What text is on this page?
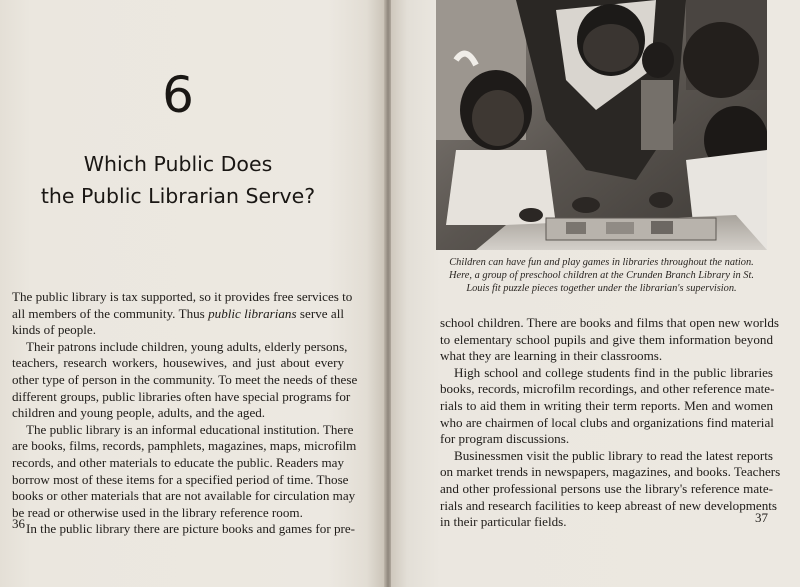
6
Which Public Does
the Public Librarian Serve?

The public library is tax supported, so it provides free services to
all members of the community. Thus public librarians serve all
kinds of people.

Their patrons include children, young adults, elderly persons,
teachers, research workers, housewives, and just about every
other type of person in the community. To meet the needs of these
different groups, public libraries often have special programs for
children and young people, adults, and the aged.

The public library is an informal educational institution. There
are books, films, records, pamphlets, magazines, maps, microfilm
records, and other materials to educate the public. Readers may
borrow most of these items for a specified period of time. Those
books or other materials that are not available for circulation may
be read or otherwise used in the library reference room.

In the public library there are picture books and games for pre-

36
Children can have fun and play games in libraries throughout the nation.
Here, a group of preschool children at the Crunden Branch Library in St.
Louis fit puzzle pieces together under the librarian's supervision.

school children. There are books and films that open new worlds
to elementary school pupils and give them information beyond
what they are learning in their classrooms.

High school and college students find in the public libraries
books, records, microfilm recordings, and other reference mate-
rials to aid them in writing their term reports. Men and women
who are chairmen of local clubs and organizations find material
for program discussions.

Businessmen visit the public library to read the latest reports
on market trends in newspapers, magazines, and books. Teachers
and other professional persons use the library's reference mate-
rials and research facilities to keep abreast of new developments
in their particular fields.	37
